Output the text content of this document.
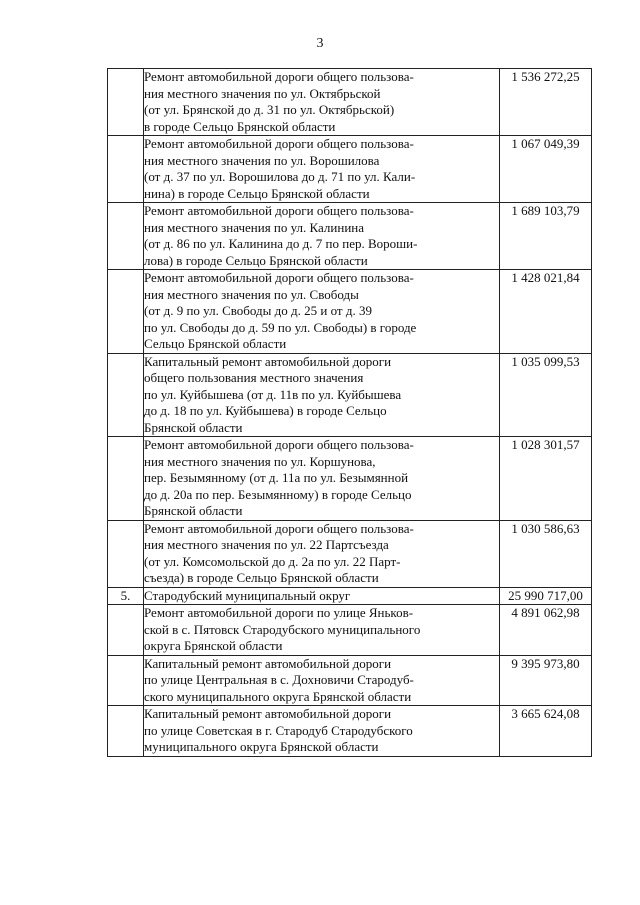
3

	Ремонт автомобильной дороги общего пользова-
ния местного значения по ул. Октябрьской
(от ул. Брянской до д. 31 по ул. Октябрьской)
в городе Сельцо Брянской области	1 536 272,25

	Ремонт автомобильной дороги общего пользова-
ния местного значения по ул. Ворошилова
(от д. 37 по ул. Ворошилова до д. 71 по ул. Кали-
нина) в городе Сельцо Брянской области	1 067 049,39

	Ремонт автомобильной дороги общего пользова-
ния местного значения по ул. Калинина
(от д. 86 по ул. Калинина до д. 7 по пер. Вороши-
лова) в городе Сельцо Брянской области	1 689 103,79

	Ремонт автомобильной дороги общего пользова-
ния местного значения по ул. Свободы
(от д. 9 по ул. Свободы до д. 25 и от д. 39
по ул. Свободы до д. 59 по ул. Свободы) в городе
Сельцо Брянской области	1 428 021,84

	Капитальный ремонт автомобильной дороги
общего пользования местного значения
по ул. Куйбышева (от д. 11в по ул. Куйбышева
до д. 18 по ул. Куйбышева) в городе Сельцо
Брянской области	1 035 099,53

	Ремонт автомобильной дороги общего пользова-
ния местного значения по ул. Коршунова,
пер. Безымянному (от д. 11а по ул. Безымянной
до д. 20а по пер. Безымянному) в городе Сельцо
Брянской области	1 028 301,57

	Ремонт автомобильной дороги общего пользова-
ния местного значения по ул. 22 Партсъезда
(от ул. Комсомольской до д. 2а по ул. 22 Парт-
съезда) в городе Сельцо Брянской области	1 030 586,63
5.	Стародубский муниципальный округ	25 990 717,00

	Ремонт автомобильной дороги по улице Яньков-
ской в с. Пятовск Стародубского муниципального
округа Брянской области	4 891 062,98

	Капитальный ремонт автомобильной дороги
по улице Центральная в с. Дохновичи Стародуб-
ского муниципального округа Брянской области	9 395 973,80

	Капитальный ремонт автомобильной дороги
по улице Советская в г. Стародуб Стародубского
муниципального округа Брянской области	3 665 624,08
